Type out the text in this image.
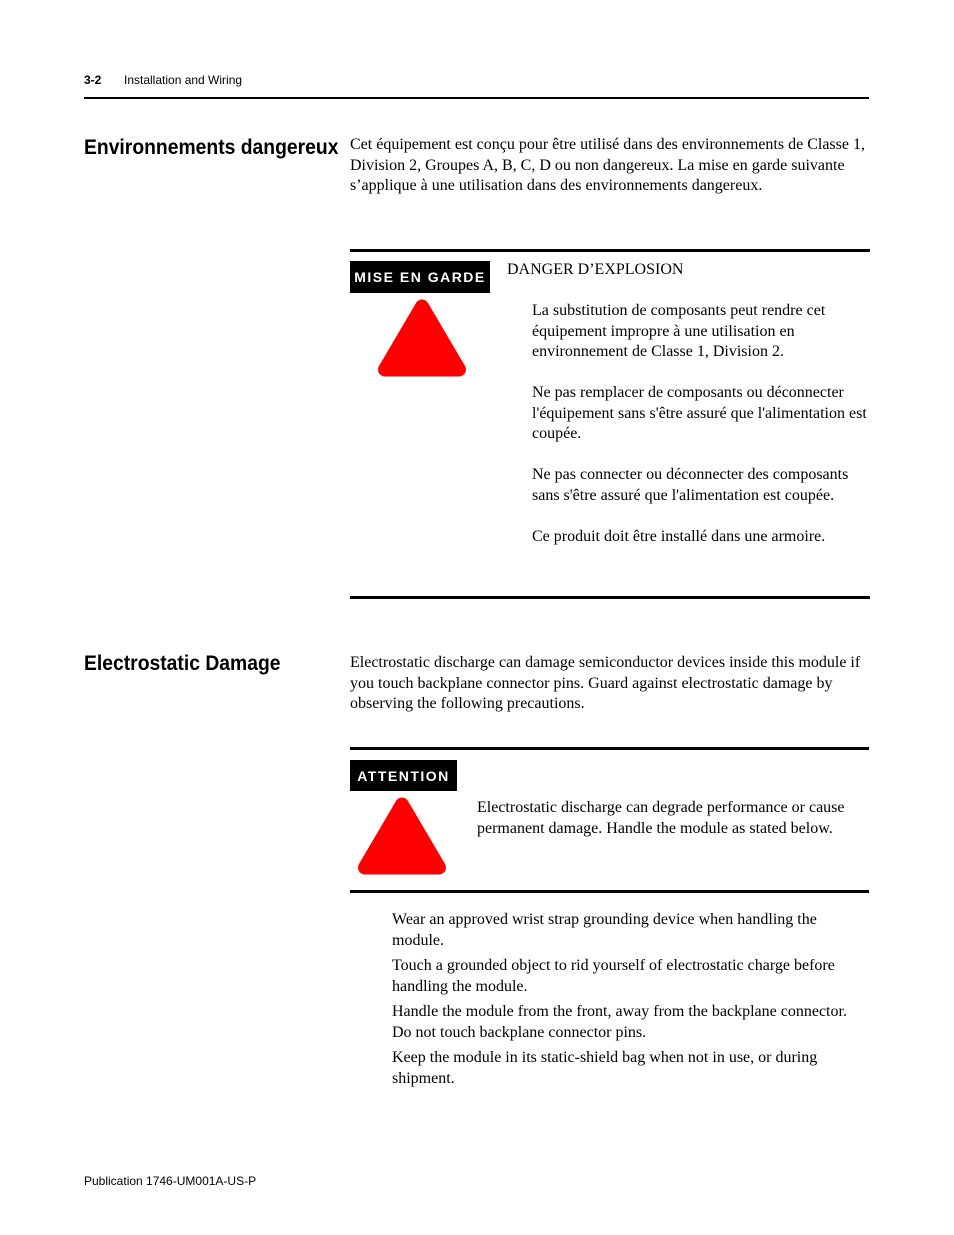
3-2 Installation and Wiring
Environnements dangereux Cet équipement est conçu pour être utilisé dans des environnements de Classe 1, Division 2, Groupes A, B, C, D ou non dangereux. La mise en garde suivante s’applique à une utilisation dans des environnements dangereux.
MISE EN GARDE DANGER D’EXPLOSION

La substitution de composants peut rendre cet équipement impropre à une utilisation en environnement de Classe 1, Division 2.

Ne pas remplacer de composants ou déconnecter l'équipement sans s'être assuré que l'alimentation est coupée.

Ne pas connecter ou déconnecter des composants sans s'être assuré que l'alimentation est coupée.

Ce produit doit être installé dans une armoire.

Electrostatic Damage	Electrostatic discharge can damage semiconductor devices inside this module if you touch backplane connector pins. Guard against electrostatic damage by observing the following precautions.
ATTENTION
Electrostatic discharge can degrade performance or cause permanent damage. Handle the module as stated below.

Wear an approved wrist strap grounding device when handling the module.

Touch a grounded object to rid yourself of electrostatic charge before handling the module.

Handle the module from the front, away from the backplane connector. Do not touch backplane connector pins.

Keep the module in its static-shield bag when not in use, or during shipment.

Publication 1746-UM001A-US-P
